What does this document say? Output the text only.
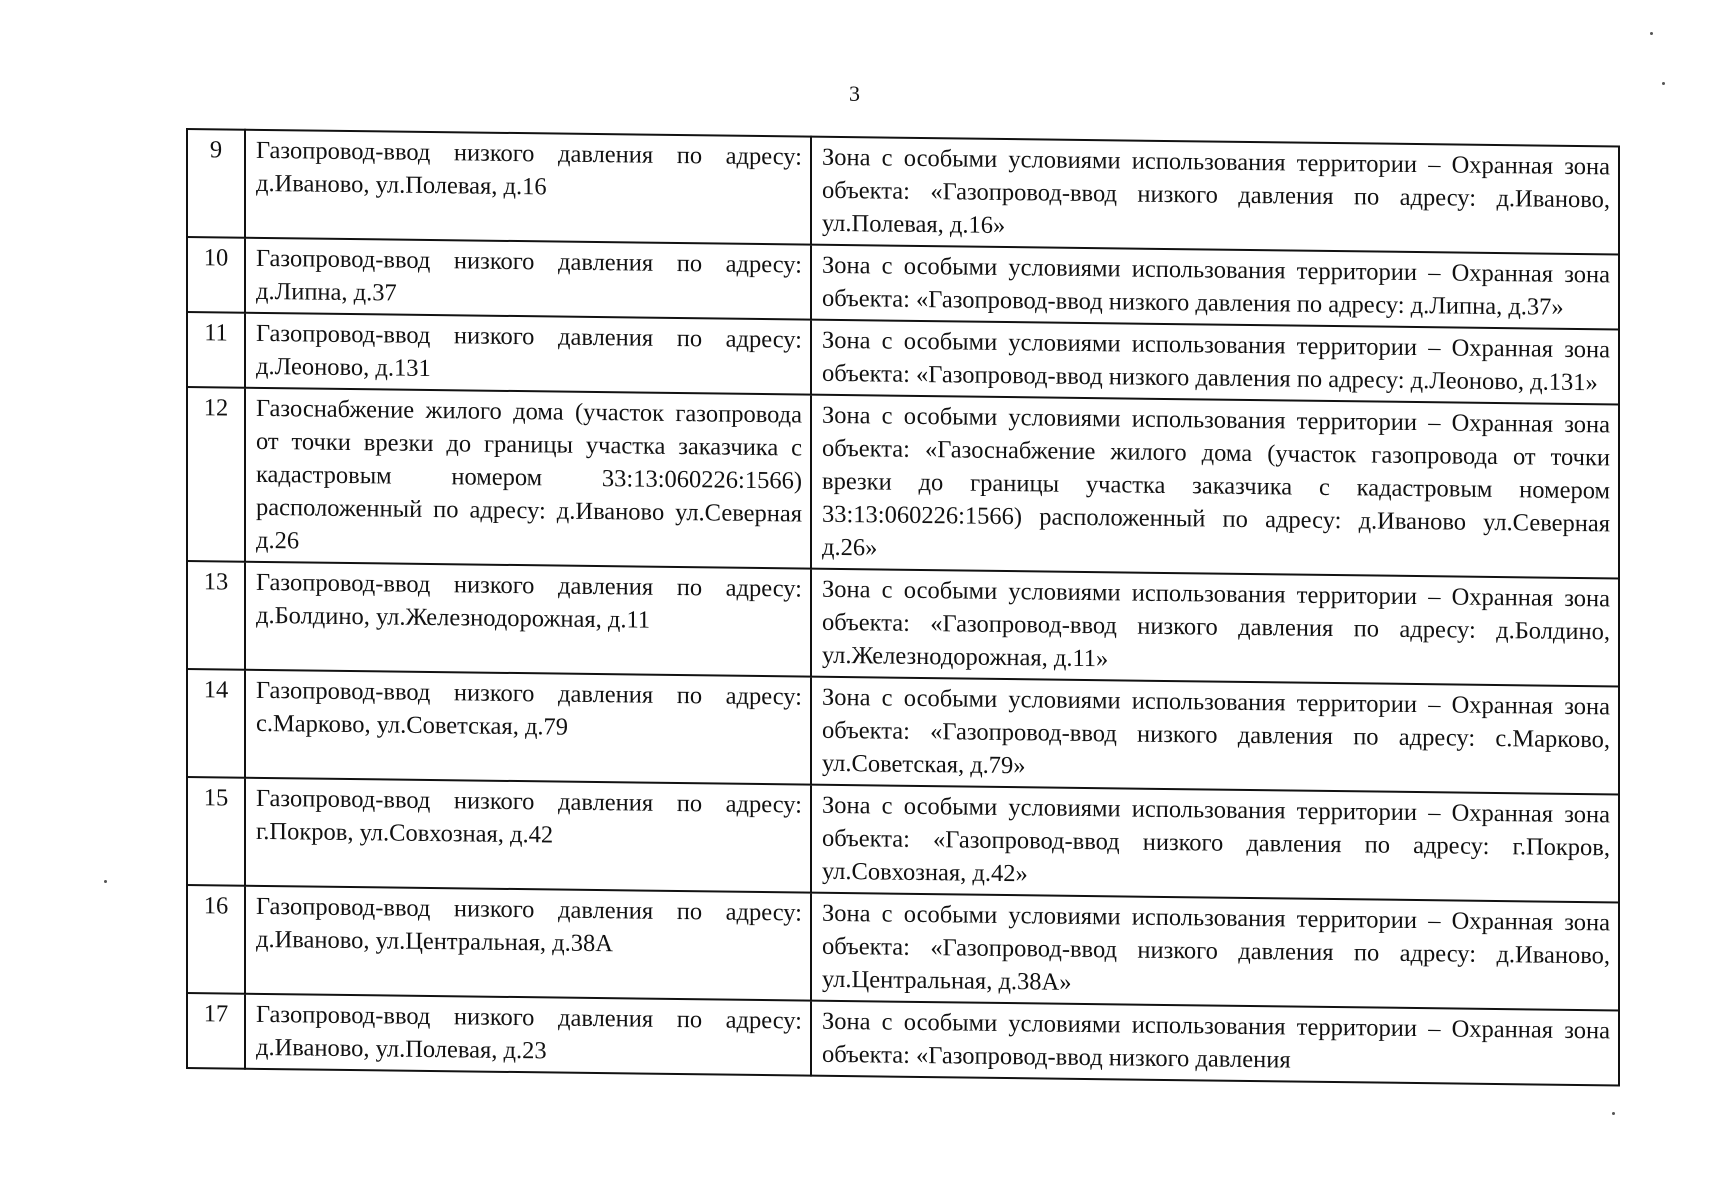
3
9	Газопровод-ввод низкого давления по адресу: д.Иваново, ул.Полевая, д.16	Зона с особыми условиями использования территории – Охранная зона объекта: «Газопровод-ввод низкого давления по адресу: д.Иваново, ул.Полевая, д.16»
10	Газопровод-ввод низкого давления по адресу: д.Липна, д.37	Зона с особыми условиями использования территории – Охранная зона объекта: «Газопровод-ввод низкого давления по адресу: д.Липна, д.37»
11	Газопровод-ввод низкого давления по адресу: д.Леоново, д.131	Зона с особыми условиями использования территории – Охранная зона объекта: «Газопровод-ввод низкого давления по адресу: д.Леоново, д.131»
12	Газоснабжение жилого дома (участок газопровода от точки врезки до границы участка заказчика с кадастровым номером 33:13:060226:1566) расположенный по адресу: д.Иваново ул.Северная д.26	Зона с особыми условиями использования территории – Охранная зона объекта: «Газоснабжение жилого дома (участок газопровода от точки врезки до границы участка заказчика с кадастровым номером 33:13:060226:1566) расположенный по адресу: д.Иваново ул.Северная д.26»
13	Газопровод-ввод низкого давления по адресу: д.Болдино, ул.Железнодорожная, д.11	Зона с особыми условиями использования территории – Охранная зона объекта: «Газопровод-ввод низкого давления по адресу: д.Болдино, ул.Железнодорожная, д.11»
14	Газопровод-ввод низкого давления по адресу: с.Марково, ул.Советская, д.79	Зона с особыми условиями использования территории – Охранная зона объекта: «Газопровод-ввод низкого давления по адресу: с.Марково, ул.Советская, д.79»
15	Газопровод-ввод низкого давления по адресу: г.Покров, ул.Совхозная, д.42	Зона с особыми условиями использования территории – Охранная зона объекта: «Газопровод-ввод низкого давления по адресу: г.Покров, ул.Совхозная, д.42»
16	Газопровод-ввод низкого давления по адресу: д.Иваново, ул.Центральная, д.38А	Зона с особыми условиями использования территории – Охранная зона объекта: «Газопровод-ввод низкого давления по адресу: д.Иваново, ул.Центральная, д.38А»
17	Газопровод-ввод низкого давления по адресу: д.Иваново, ул.Полевая, д.23	Зона с особыми условиями использования территории – Охранная зона объекта: «Газопровод-ввод низкого давления
